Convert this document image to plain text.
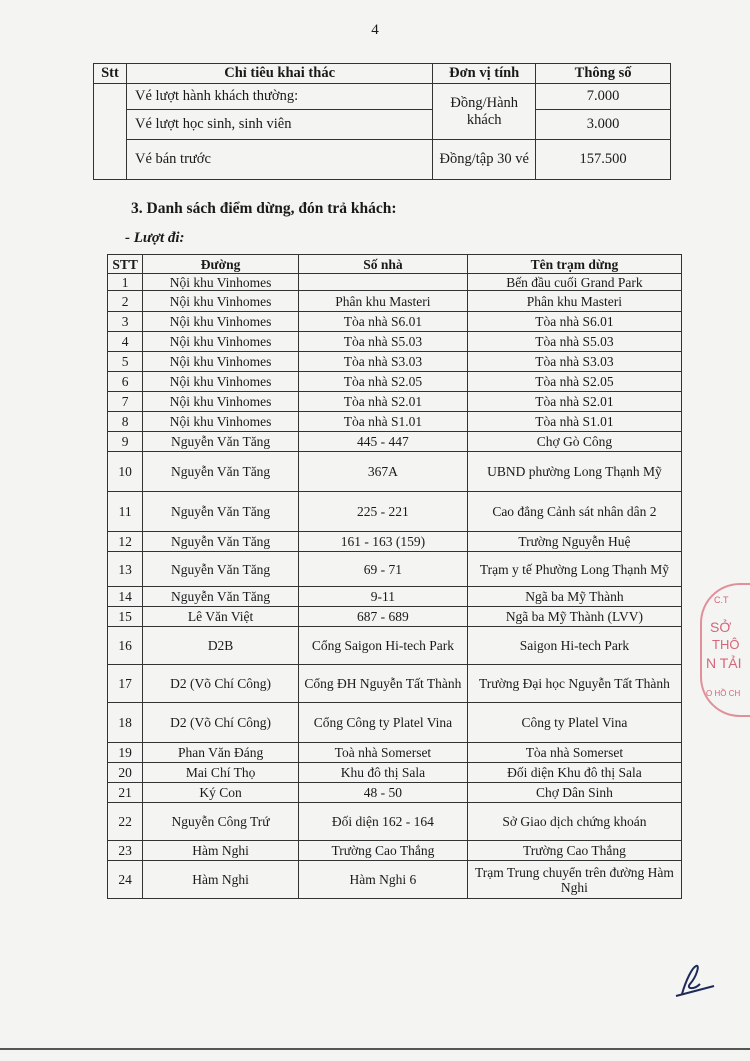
4
Stt	Chỉ tiêu khai thác	Đơn vị tính	Thông số
	Vé lượt hành khách thường:	Đồng/Hành khách	7.000
	Vé lượt học sinh, sinh viên		3.000
	Vé bán trước	Đồng/tập 30 vé	157.500
3. Danh sách điểm dừng, đón trả khách:
- Lượt đi:
STT	Đường	Số nhà	Tên trạm dừng
1	Nội khu Vinhomes		Bến đầu cuối Grand Park
2	Nội khu Vinhomes	Phân khu Masteri	Phân khu Masteri
3	Nội khu Vinhomes	Tòa nhà S6.01	Tòa nhà S6.01
4	Nội khu Vinhomes	Tòa nhà S5.03	Tòa nhà S5.03
5	Nội khu Vinhomes	Tòa nhà S3.03	Tòa nhà S3.03
6	Nội khu Vinhomes	Tòa nhà S2.05	Tòa nhà S2.05
7	Nội khu Vinhomes	Tòa nhà S2.01	Tòa nhà S2.01
8	Nội khu Vinhomes	Tòa nhà S1.01	Tòa nhà S1.01
9	Nguyễn Văn Tăng	445 - 447	Chợ Gò Công
10	Nguyễn Văn Tăng	367A	UBND phường Long Thạnh Mỹ
11	Nguyễn Văn Tăng	225 - 221	Cao đẳng Cảnh sát nhân dân 2
12	Nguyễn Văn Tăng	161 - 163 (159)	Trường Nguyễn Huệ
13	Nguyễn Văn Tăng	69 - 71	Trạm y tế Phường Long Thạnh Mỹ
14	Nguyễn Văn Tăng	9-11	Ngã ba Mỹ Thành
15	Lê Văn Việt	687 - 689	Ngã ba Mỹ Thành (LVV)
16	D2B	Cổng Saigon Hi-tech Park	Saigon Hi-tech Park
17	D2 (Võ Chí Công)	Cổng ĐH Nguyễn Tất Thành	Trường Đại học Nguyễn Tất Thành
18	D2 (Võ Chí Công)	Cổng Công ty Platel Vina	Công ty Platel Vina
19	Phan Văn Đáng	Toà nhà Somerset	Tòa nhà Somerset
20	Mai Chí Thọ	Khu đô thị Sala	Đối diện Khu đô thị Sala
21	Ký Con	48 - 50	Chợ Dân Sinh
22	Nguyễn Công Trứ	Đối diện 162 - 164	Sở Giao dịch chứng khoán
23	Hàm Nghi	Trường Cao Thắng	Trường Cao Thắng
24	Hàm Nghi	Hàm Nghi 6	Trạm Trung chuyển trên đường Hàm Nghi
C.T
SỞ
THÔ
N TẢI
O HỒ CH
